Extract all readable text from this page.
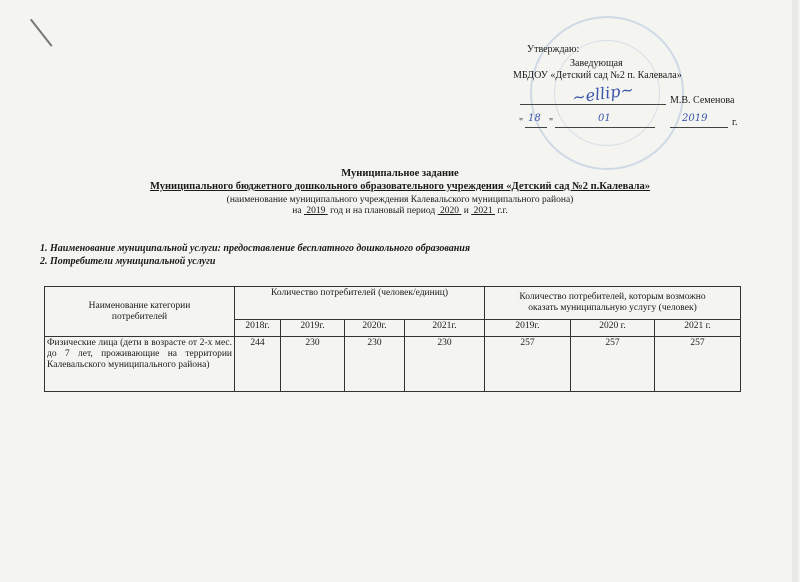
Утверждаю:
Заведующая
МБДОУ «Детский сад №2 п. Калевала»
~ellip~	М.В. Семенова
" 18 "	01	2019 г.
Муниципальное задание
Муниципального бюджетного дошкольного образовательного учреждения «Детский сад №2 п.Калевала»
(наименование муниципального учреждения Калевальского муниципального района)
на 2019 год и на плановый период 2020 и 2021 г.г.
1. Наименование муниципальной услуги: предоставление бесплатного дошкольного образования
2. Потребители муниципальной услуги
Наименование категории потребителей	Количество потребителей (человек/единиц)				Количество потребителей, которым возможно оказать муниципальную услугу (человек)		
	2018г.	2019г.	2020г.	2021г.	2019г.	2020 г.	2021 г.
Физические лица (дети в возрасте от 2-х мес. до 7 лет, проживающие на территории Калевальского муниципального района)	244	230	230	230	257	257	257
